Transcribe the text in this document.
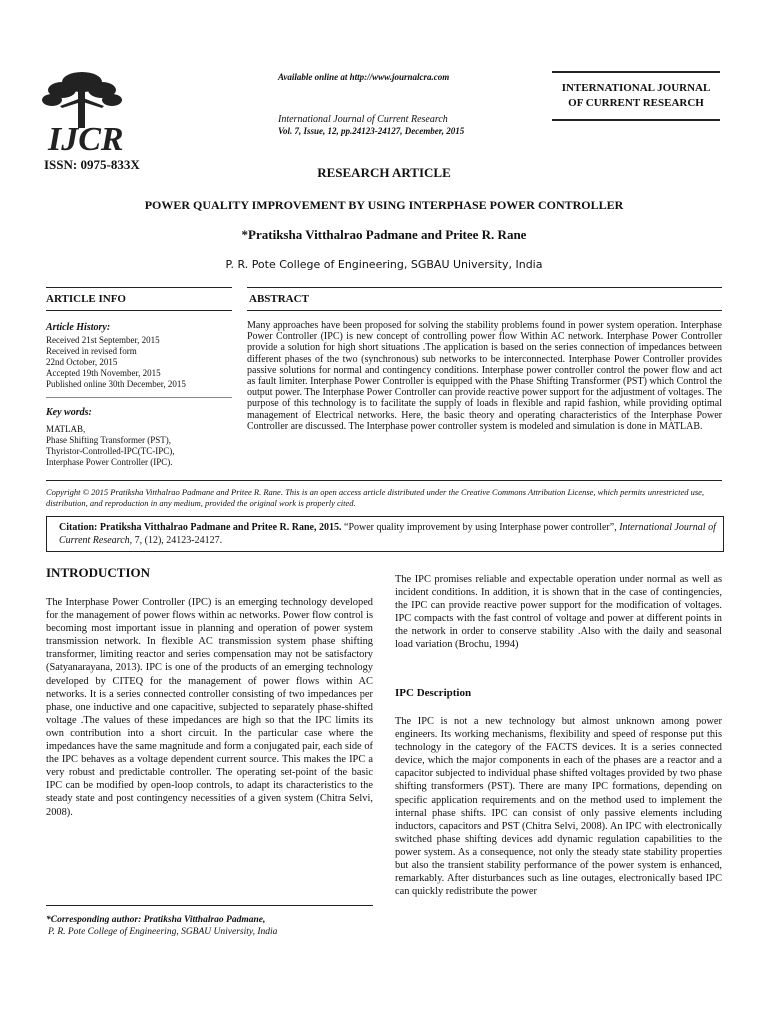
IJCR
Available online at http://www.journalcra.com
International Journal of Current Research
Vol. 7, Issue, 12, pp.24123-24127, December, 2015
INTERNATIONAL JOURNAL
OF CURRENT RESEARCH
ISSN: 0975-833X
RESEARCH ARTICLE
POWER QUALITY IMPROVEMENT BY USING INTERPHASE POWER CONTROLLER
*Pratiksha Vitthalrao Padmane and Pritee R. Rane
P. R. Pote College of Engineering, SGBAU University, India
ARTICLE INFO	ABSTRACT
Article History:
Received 21st September, 2015
Received in revised form
22nd October, 2015
Accepted 19th November, 2015
Published online 30th December, 2015
Key words:
MATLAB,
Phase Shifting Transformer (PST),
Thyristor-Controlled-IPC(TC-IPC),
Interphase Power Controller (IPC).
Many approaches have been proposed for solving the stability problems found in power system operation. Interphase Power Controller (IPC) is new concept of controlling power flow Within AC network. Interphase Power Controller provide a solution for high short situations .The application is based on the series connection of impedances between different phases of the two (synchronous) sub networks to be interconnected. Interphase Power Controller provides passive solutions for normal and contingency conditions. Interphase power controller control the power flow and act as fault limiter. Interphase Power Controller is equipped with the Phase Shifting Transformer (PST) which Control the output power. The Interphase Power Controller can provide reactive power support for the adjustment of voltages. The purpose of this technology is to facilitate the supply of loads in flexible and rapid fashion, while providing optimal management of Electrical networks. Here, the basic theory and operating characteristics of the Interphase Power Controller are discussed. The Interphase power controller system is modeled and simulation is done in MATLAB.
Copyright © 2015 Pratiksha Vitthalrao Padmane and Pritee R. Rane. This is an open access article distributed under the Creative Commons Attribution License, which permits unrestricted use, distribution, and reproduction in any medium, provided the original work is properly cited.
Citation: Pratiksha Vitthalrao Padmane and Pritee R. Rane, 2015. “Power quality improvement by using Interphase power controller”, International Journal of Current Research, 7, (12), 24123-24127.
INTRODUCTION
The Interphase Power Controller (IPC) is an emerging technology developed for the management of power flows within ac networks. Power flow control is becoming most important issue in planning and operation of power system transmission network. In flexible AC transmission system phase shifting transformer, limiting reactor and series compensation may not be satisfactory (Satyanarayana, 2013). IPC is one of the products of an emerging technology developed by CITEQ for the management of power flows within AC networks. It is a series connected controller consisting of two impedances per phase, one inductive and one capacitive, subjected to separately phase-shifted voltage .The values of these impedances are high so that the IPC limits its own contribution into a short circuit. In the particular case where the impedances have the same magnitude and form a conjugated pair, each side of the IPC behaves as a voltage dependent current source. This makes the IPC a very robust and predictable controller. The operating set-point of the basic IPC can be modified by open-loop controls, to adapt its characteristics to the steady state and post contingency necessities of a given system (Chitra Selvi, 2008).
The IPC promises reliable and expectable operation under normal as well as incident conditions. In addition, it is shown that in the case of contingencies, the IPC can provide reactive power support for the modification of voltages. IPC compacts with the fast control of voltage and power at different points in the network in order to conserve stability .Also with the daily and seasonal load variation (Brochu, 1994)
IPC Description
The IPC is not a new technology but almost unknown among power engineers. Its working mechanisms, flexibility and speed of response put this technology in the category of the FACTS devices. It is a series connected device, which the major components in each of the phases are a reactor and a capacitor subjected to individual phase shifted voltages provided by two phase shifting transformers (PST). There are many IPC formations, depending on specific application requirements and on the method used to implement the internal phase shifts. IPC can consist of only passive elements including inductors, capacitors and PST (Chitra Selvi, 2008). An IPC with electronically switched phase shifting devices add dynamic regulation capabilities to the power system. As a consequence, not only the steady state stability properties but also the transient stability performance of the power system is enhanced, remarkably. After disturbances such as line outages, electronically based IPC can quickly redistribute the power
*Corresponding author: Pratiksha Vitthalrao Padmane,
P. R. Pote College of Engineering, SGBAU University, India
